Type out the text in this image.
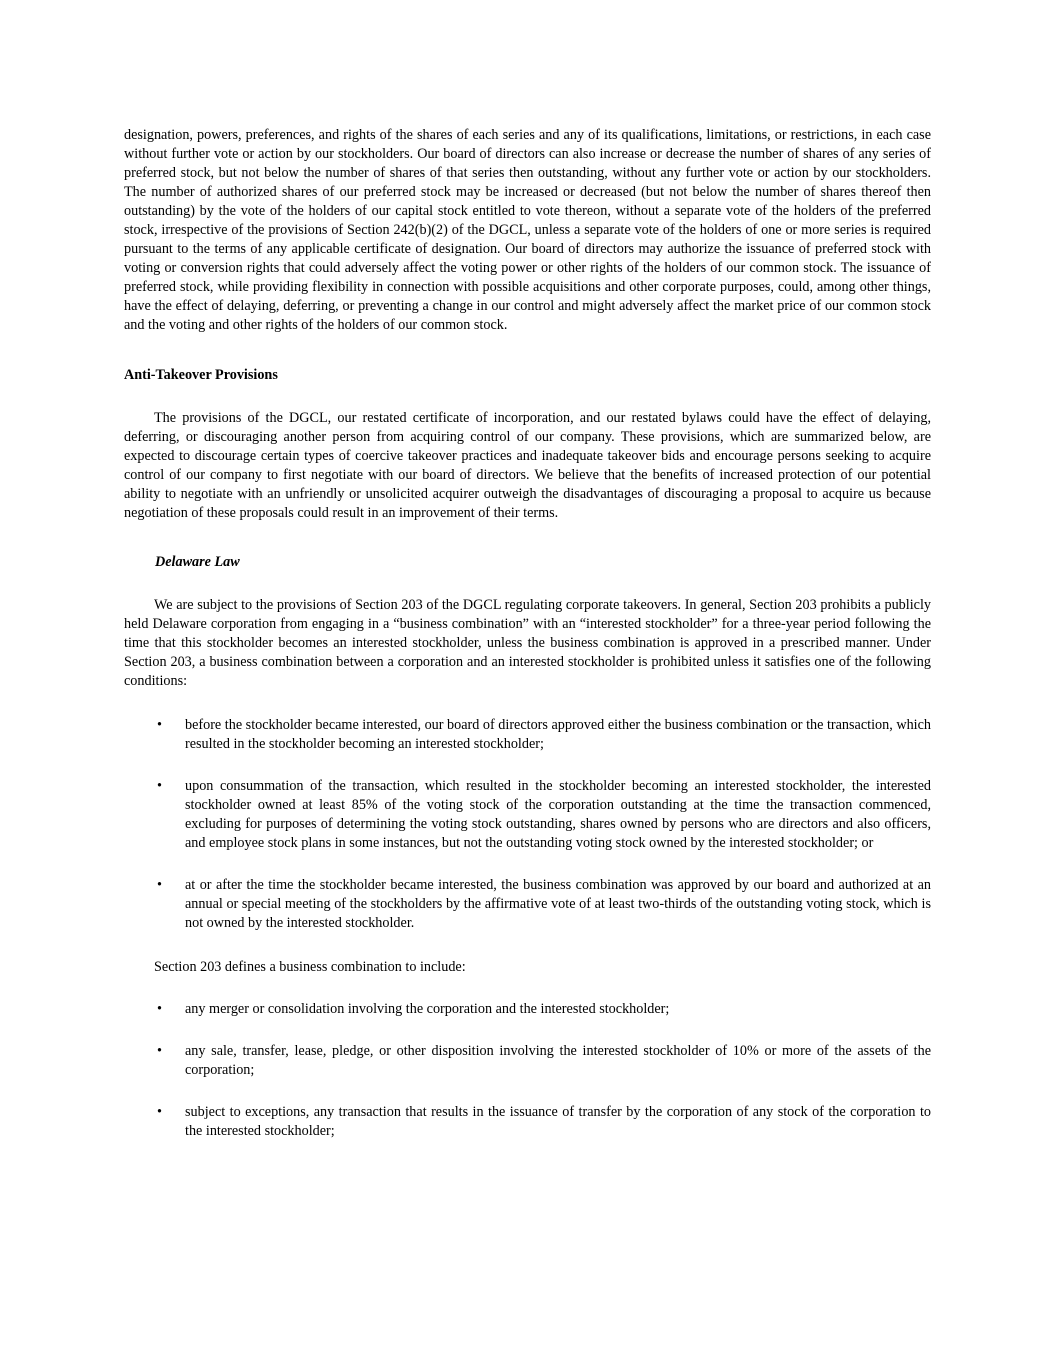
designation, powers, preferences, and rights of the shares of each series and any of its qualifications, limitations, or restrictions, in each case without further vote or action by our stockholders. Our board of directors can also increase or decrease the number of shares of any series of preferred stock, but not below the number of shares of that series then outstanding, without any further vote or action by our stockholders. The number of authorized shares of our preferred stock may be increased or decreased (but not below the number of shares thereof then outstanding) by the vote of the holders of our capital stock entitled to vote thereon, without a separate vote of the holders of the preferred stock, irrespective of the provisions of Section 242(b)(2) of the DGCL, unless a separate vote of the holders of one or more series is required pursuant to the terms of any applicable certificate of designation. Our board of directors may authorize the issuance of preferred stock with voting or conversion rights that could adversely affect the voting power or other rights of the holders of our common stock. The issuance of preferred stock, while providing flexibility in connection with possible acquisitions and other corporate purposes, could, among other things, have the effect of delaying, deferring, or preventing a change in our control and might adversely affect the market price of our common stock and the voting and other rights of the holders of our common stock.

Anti-Takeover Provisions

The provisions of the DGCL, our restated certificate of incorporation, and our restated bylaws could have the effect of delaying, deferring, or discouraging another person from acquiring control of our company. These provisions, which are summarized below, are expected to discourage certain types of coercive takeover practices and inadequate takeover bids and encourage persons seeking to acquire control of our company to first negotiate with our board of directors. We believe that the benefits of increased protection of our potential ability to negotiate with an unfriendly or unsolicited acquirer outweigh the disadvantages of discouraging a proposal to acquire us because negotiation of these proposals could result in an improvement of their terms.

Delaware Law

We are subject to the provisions of Section 203 of the DGCL regulating corporate takeovers. In general, Section 203 prohibits a publicly held Delaware corporation from engaging in a “business combination” with an “interested stockholder” for a three-year period following the time that this stockholder becomes an interested stockholder, unless the business combination is approved in a prescribed manner. Under Section 203, a business combination between a corporation and an interested stockholder is prohibited unless it satisfies one of the following conditions:

• before the stockholder became interested, our board of directors approved either the business combination or the transaction, which resulted in the stockholder becoming an interested stockholder;
• upon consummation of the transaction, which resulted in the stockholder becoming an interested stockholder, the interested stockholder owned at least 85% of the voting stock of the corporation outstanding at the time the transaction commenced, excluding for purposes of determining the voting stock outstanding, shares owned by persons who are directors and also officers, and employee stock plans in some instances, but not the outstanding voting stock owned by the interested stockholder; or
• at or after the time the stockholder became interested, the business combination was approved by our board and authorized at an annual or special meeting of the stockholders by the affirmative vote of at least two-thirds of the outstanding voting stock, which is not owned by the interested stockholder.

Section 203 defines a business combination to include:

• any merger or consolidation involving the corporation and the interested stockholder;
• any sale, transfer, lease, pledge, or other disposition involving the interested stockholder of 10% or more of the assets of the corporation;
• subject to exceptions, any transaction that results in the issuance of transfer by the corporation of any stock of the corporation to the interested stockholder;
